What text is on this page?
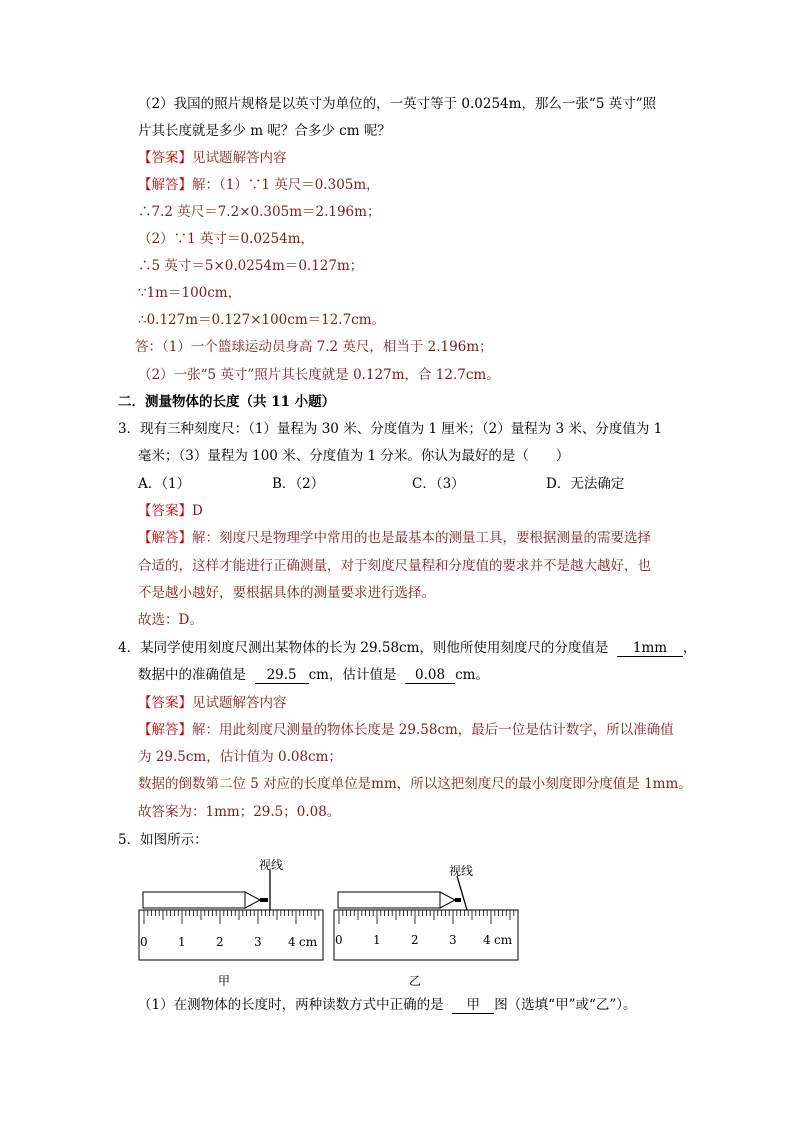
（2）我国的照片规格是以英寸为单位的，一英寸等于 0.0254m，那么一张“5 英寸”照
片其长度就是多少 m 呢？合多少 cm 呢？
【答案】见试题解答内容
【解答】解：（1）∵1 英尺＝0.305m，
∴7.2 英尺＝7.2×0.305m＝2.196m；
（2）∵1 英寸＝0.0254m，
∴5 英寸＝5×0.0254m＝0.127m；
∵1m＝100cm，
∴0.127m＝0.127×100cm＝12.7cm。
答：（1）一个篮球运动员身高 7.2 英尺，相当于 2.196m；
（2）一张“5 英寸”照片其长度就是 0.127m，合 12.7cm。
二．测量物体的长度（共 11 小题）
3．现有三种刻度尺：（1）量程为 30 米、分度值为 1 厘米；（2）量程为 3 米、分度值为 1
毫米；（3）量程为 100 米、分度值为 1 分米。你认为最好的是（　　）
A．（1）	B．（2）	C．（3）	D．无法确定
【答案】D
【解答】解：刻度尺是物理学中常用的也是最基本的测量工具，要根据测量的需要选择
合适的，这样才能进行正确测量，对于刻度尺量程和分度值的要求并不是越大越好，也
不是越小越好，要根据具体的测量要求进行选择。
故选：D。
4．某同学使用刻度尺测出某物体的长为 29.58cm，则他所使用刻度尺的分度值是 1mm ，
数据中的准确值是 29.5 cm，估计值是 0.08 cm。
【答案】见试题解答内容
【解答】解：用此刻度尺测量的物体长度是 29.58cm，最后一位是估计数字，所以准确值
为 29.5cm，估计值为 0.08cm；
数据的倒数第二位 5 对应的长度单位是mm，所以这把刻度尺的最小刻度即分度值是 1mm。
故答案为：1mm；29.5；0.08。
5．如图所示：
视线
0	1	2	3 4 cm
甲
视线
0	1	2	3 4 cm
乙
（1）在测物体的长度时，两种读数方式中正确的是 甲 图（选填“甲”或“乙”）。
